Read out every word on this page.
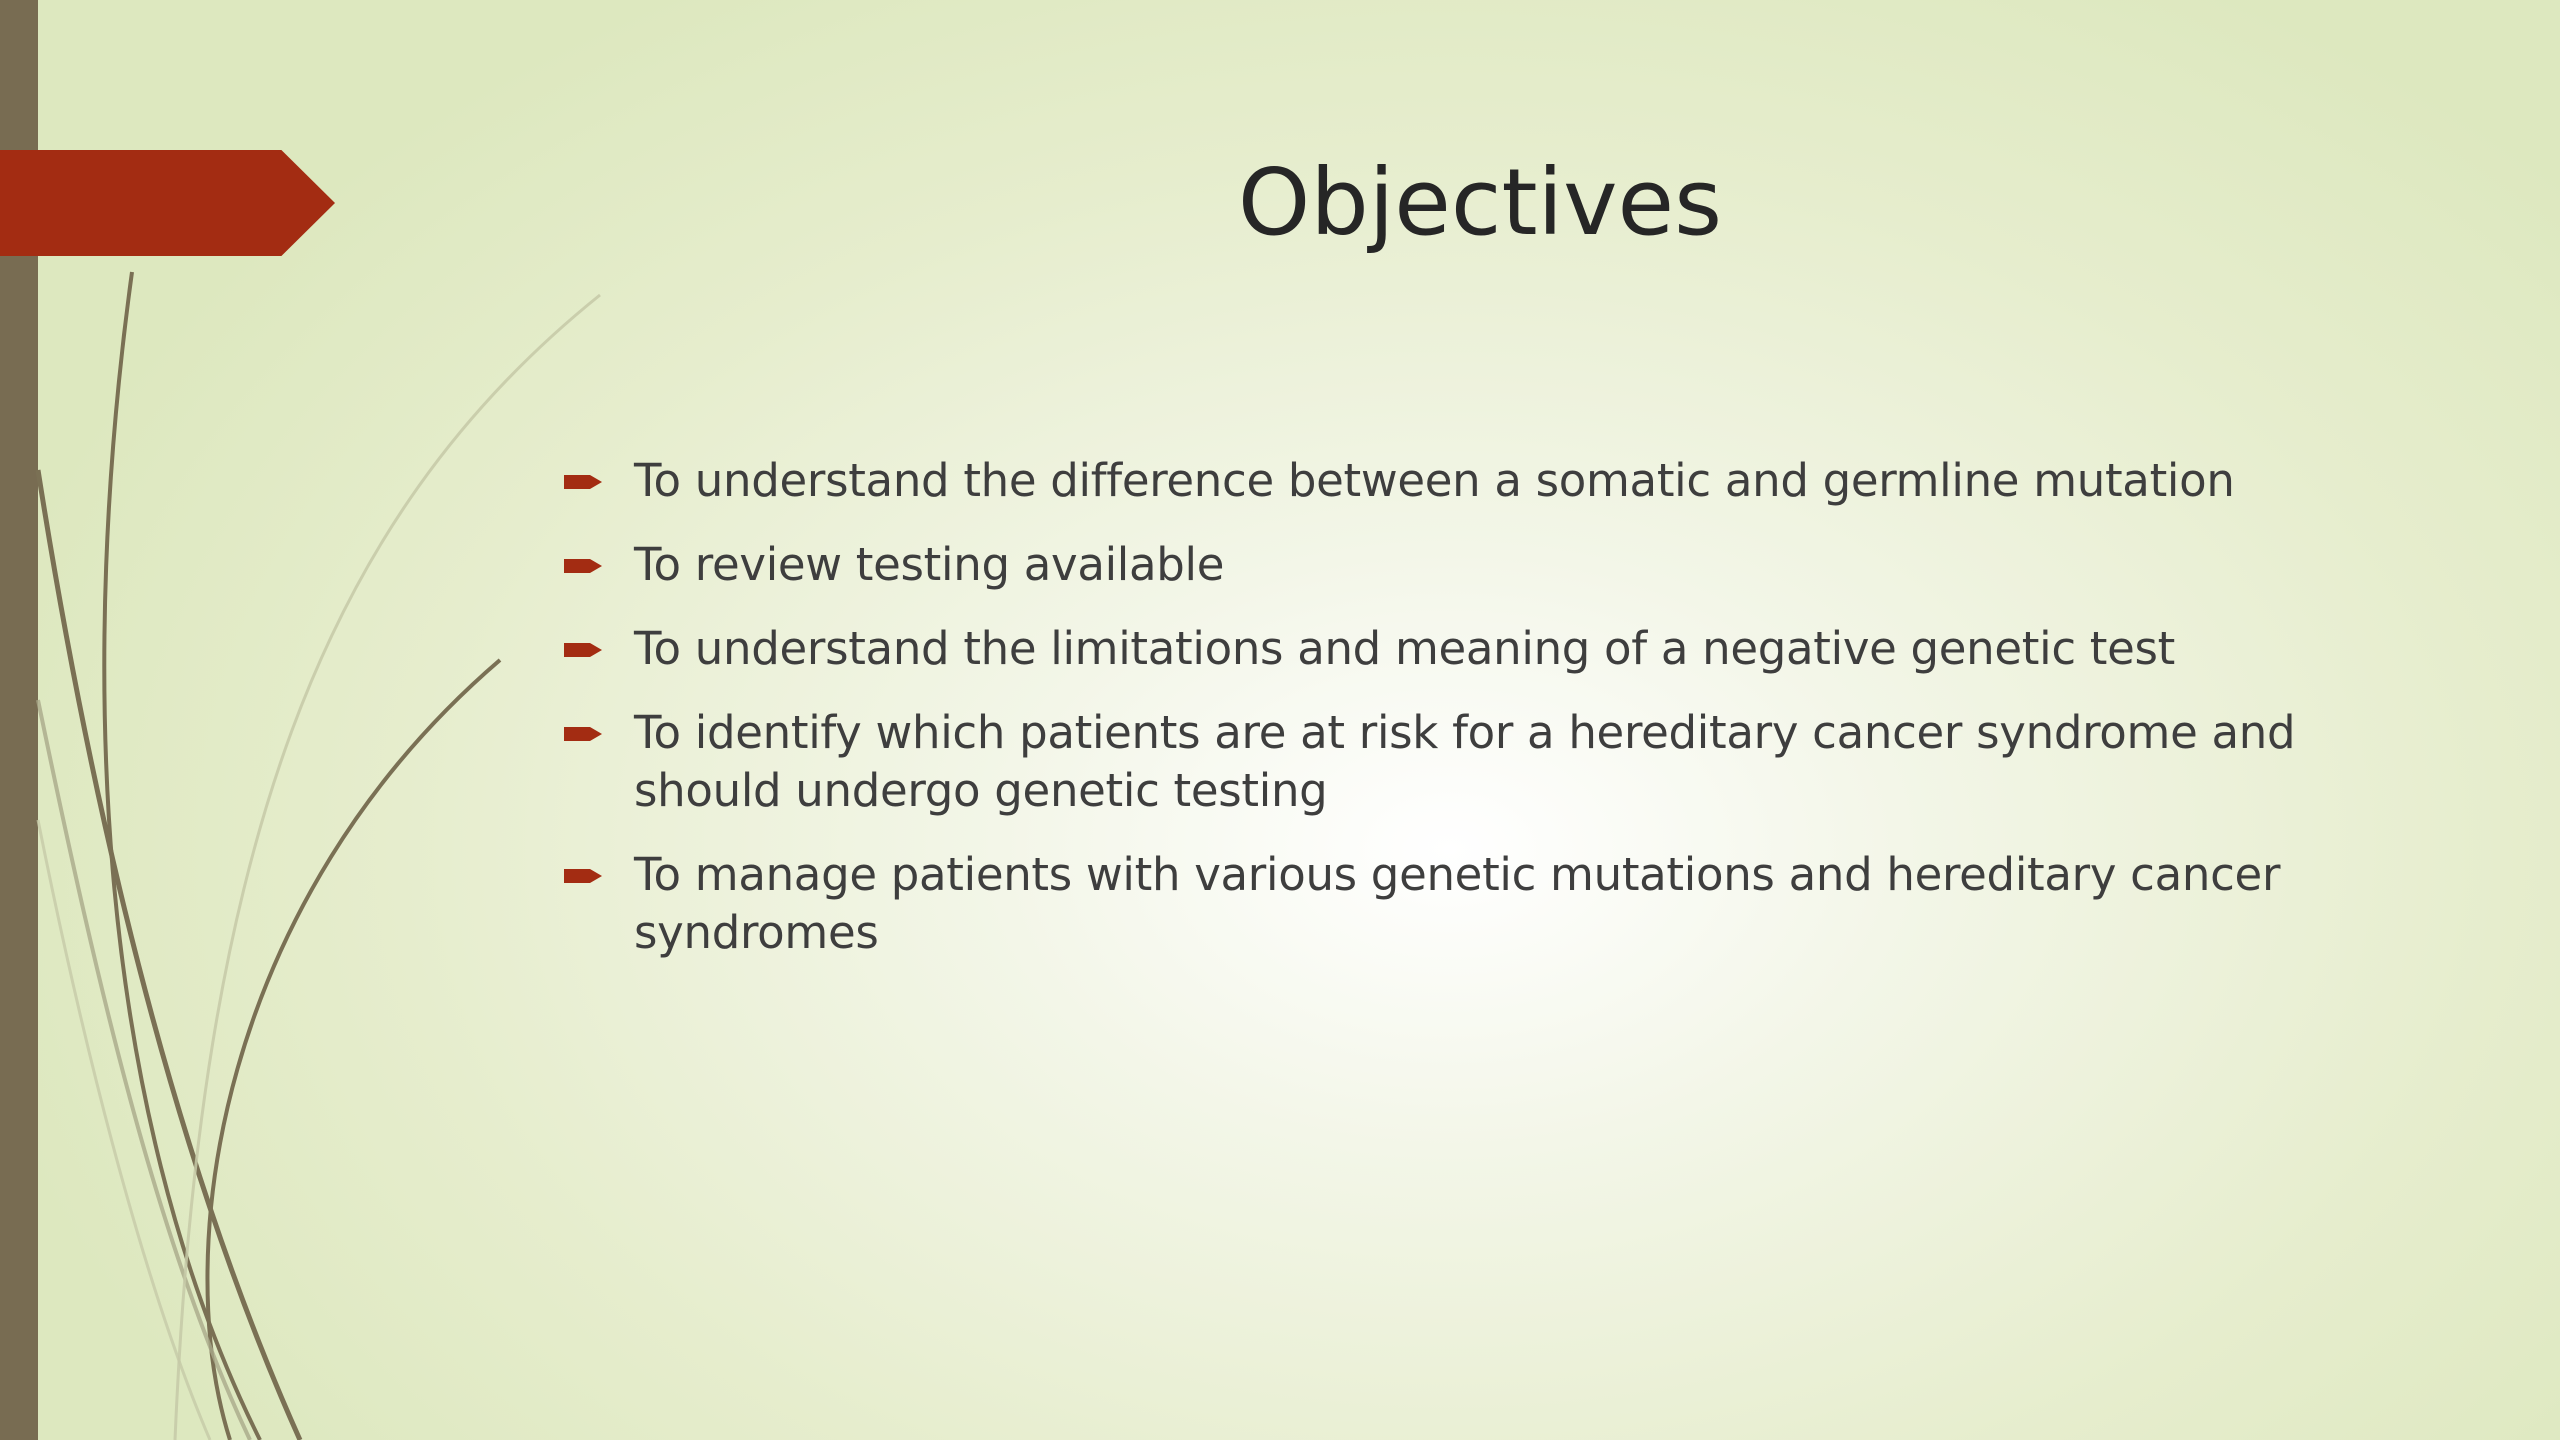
Objectives
To understand the difference between a somatic and germline mutation
To review testing available
To understand the limitations and meaning of a negative genetic test
To identify which patients are at risk for a hereditary cancer syndrome and should undergo genetic testing
To manage patients with various genetic mutations and hereditary cancer syndromes
